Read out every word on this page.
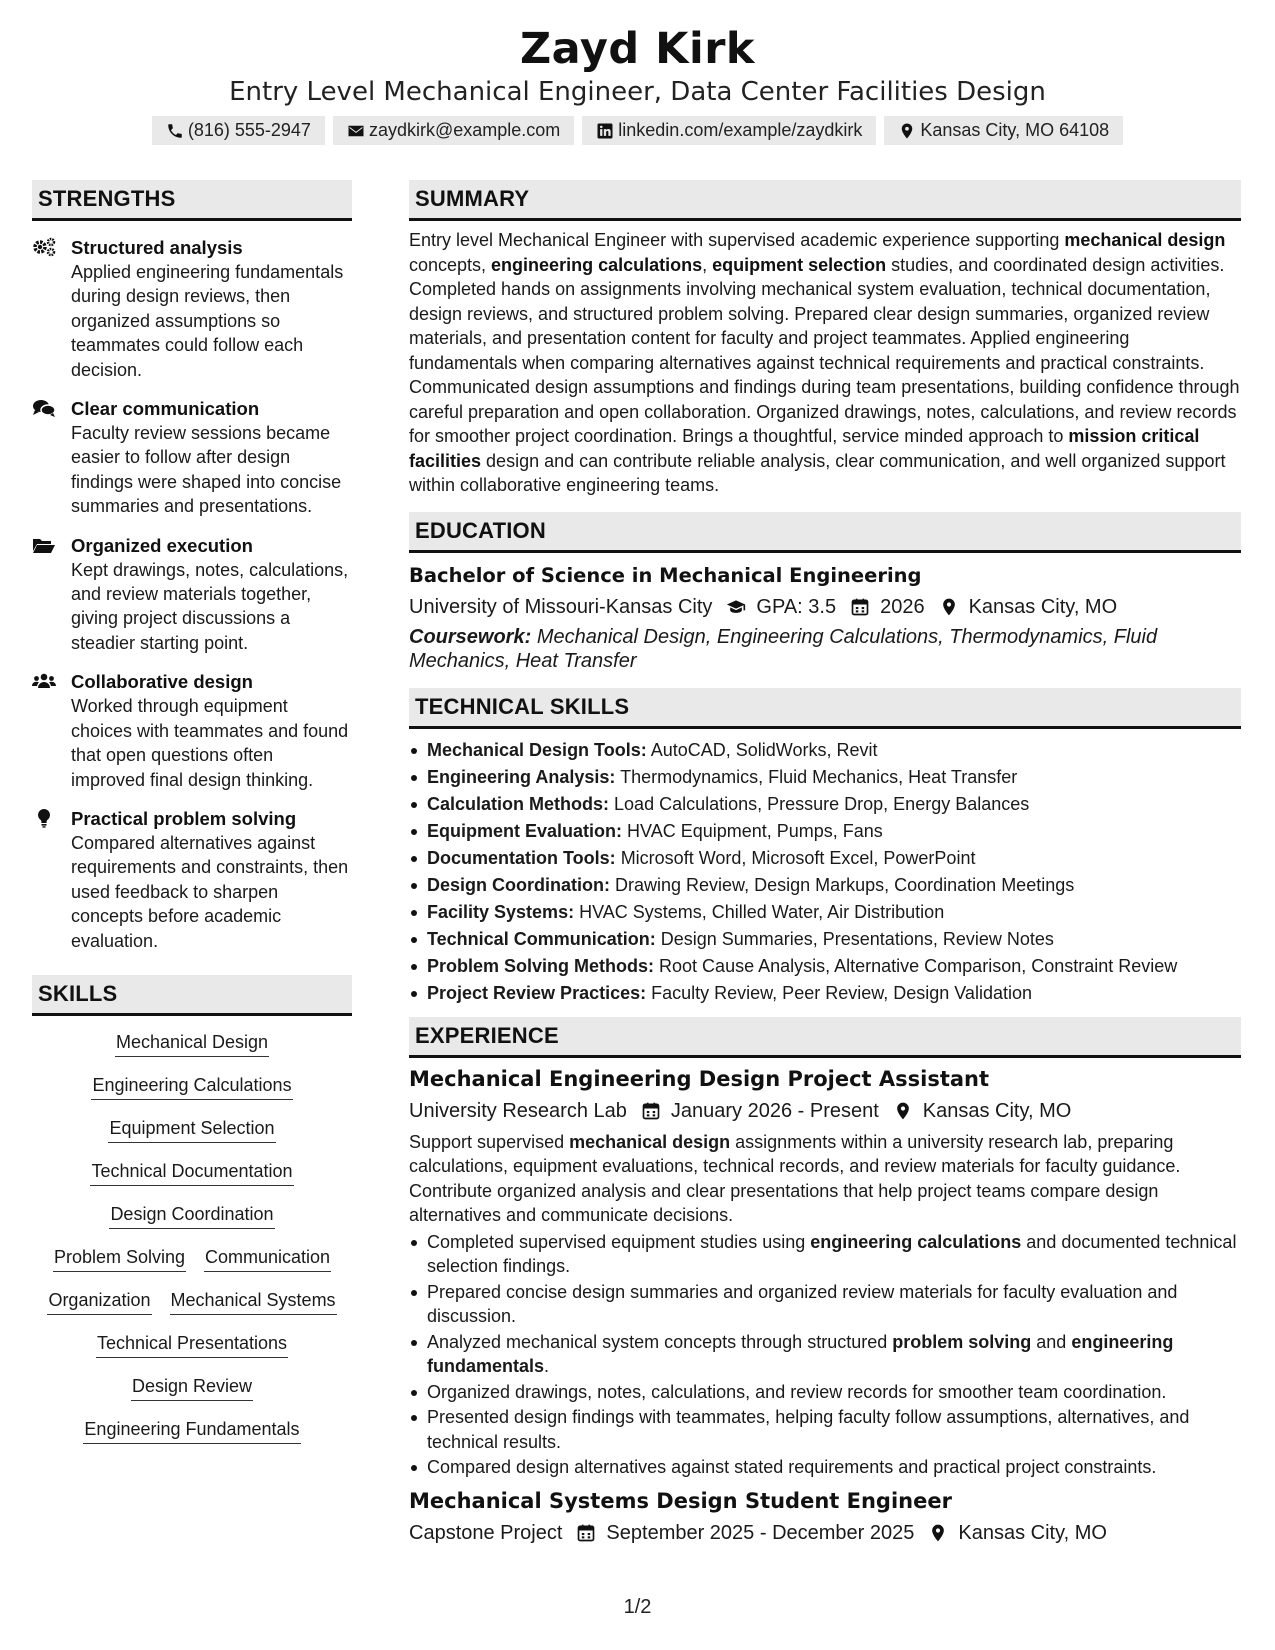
Zayd Kirk
Entry Level Mechanical Engineer, Data Center Facilities Design
(816) 555-2947	zaydkirk@example.com	linkedin.com/example/zaydkirk	Kansas City, MO 64108
STRENGTHS
Structured analysis
Applied engineering fundamentals during design reviews, then organized assumptions so teammates could follow each decision.
Clear communication
Faculty review sessions became easier to follow after design findings were shaped into concise summaries and presentations.
Organized execution
Kept drawings, notes, calculations, and review materials together, giving project discussions a steadier starting point.
Collaborative design
Worked through equipment choices with teammates and found that open questions often improved final design thinking.
Practical problem solving
Compared alternatives against requirements and constraints, then used feedback to sharpen concepts before academic evaluation.
SKILLS
Mechanical Design
Engineering Calculations
Equipment Selection
Technical Documentation
Design Coordination
Problem Solving Communication
Organization Mechanical Systems
Technical Presentations
Design Review
Engineering Fundamentals
SUMMARY
Entry level Mechanical Engineer with supervised academic experience supporting mechanical design concepts, engineering calculations, equipment selection studies, and coordinated design activities. Completed hands on assignments involving mechanical system evaluation, technical documentation, design reviews, and structured problem solving. Prepared clear design summaries, organized review materials, and presentation content for faculty and project teammates. Applied engineering fundamentals when comparing alternatives against technical requirements and practical constraints. Communicated design assumptions and findings during team presentations, building confidence through careful preparation and open collaboration. Organized drawings, notes, calculations, and review records for smoother project coordination. Brings a thoughtful, service minded approach to mission critical facilities design and can contribute reliable analysis, clear communication, and well organized support within collaborative engineering teams.
EDUCATION
Bachelor of Science in Mechanical Engineering
University of Missouri-Kansas City GPA: 3.5 2026 Kansas City, MO
Coursework: Mechanical Design, Engineering Calculations, Thermodynamics, Fluid Mechanics, Heat Transfer
TECHNICAL SKILLS
Mechanical Design Tools: AutoCAD, SolidWorks, Revit
Engineering Analysis: Thermodynamics, Fluid Mechanics, Heat Transfer
Calculation Methods: Load Calculations, Pressure Drop, Energy Balances
Equipment Evaluation: HVAC Equipment, Pumps, Fans
Documentation Tools: Microsoft Word, Microsoft Excel, PowerPoint
Design Coordination: Drawing Review, Design Markups, Coordination Meetings
Facility Systems: HVAC Systems, Chilled Water, Air Distribution
Technical Communication: Design Summaries, Presentations, Review Notes
Problem Solving Methods: Root Cause Analysis, Alternative Comparison, Constraint Review
Project Review Practices: Faculty Review, Peer Review, Design Validation
EXPERIENCE
Mechanical Engineering Design Project Assistant
University Research Lab January 2026 - Present Kansas City, MO
Support supervised mechanical design assignments within a university research lab, preparing calculations, equipment evaluations, technical records, and review materials for faculty guidance. Contribute organized analysis and clear presentations that help project teams compare design alternatives and communicate decisions.
Completed supervised equipment studies using engineering calculations and documented technical selection findings.
Prepared concise design summaries and organized review materials for faculty evaluation and discussion.
Analyzed mechanical system concepts through structured problem solving and engineering fundamentals.
Organized drawings, notes, calculations, and review records for smoother team coordination.
Presented design findings with teammates, helping faculty follow assumptions, alternatives, and technical results.
Compared design alternatives against stated requirements and practical project constraints.
Mechanical Systems Design Student Engineer
Capstone Project September 2025 - December 2025 Kansas City, MO
1/2
